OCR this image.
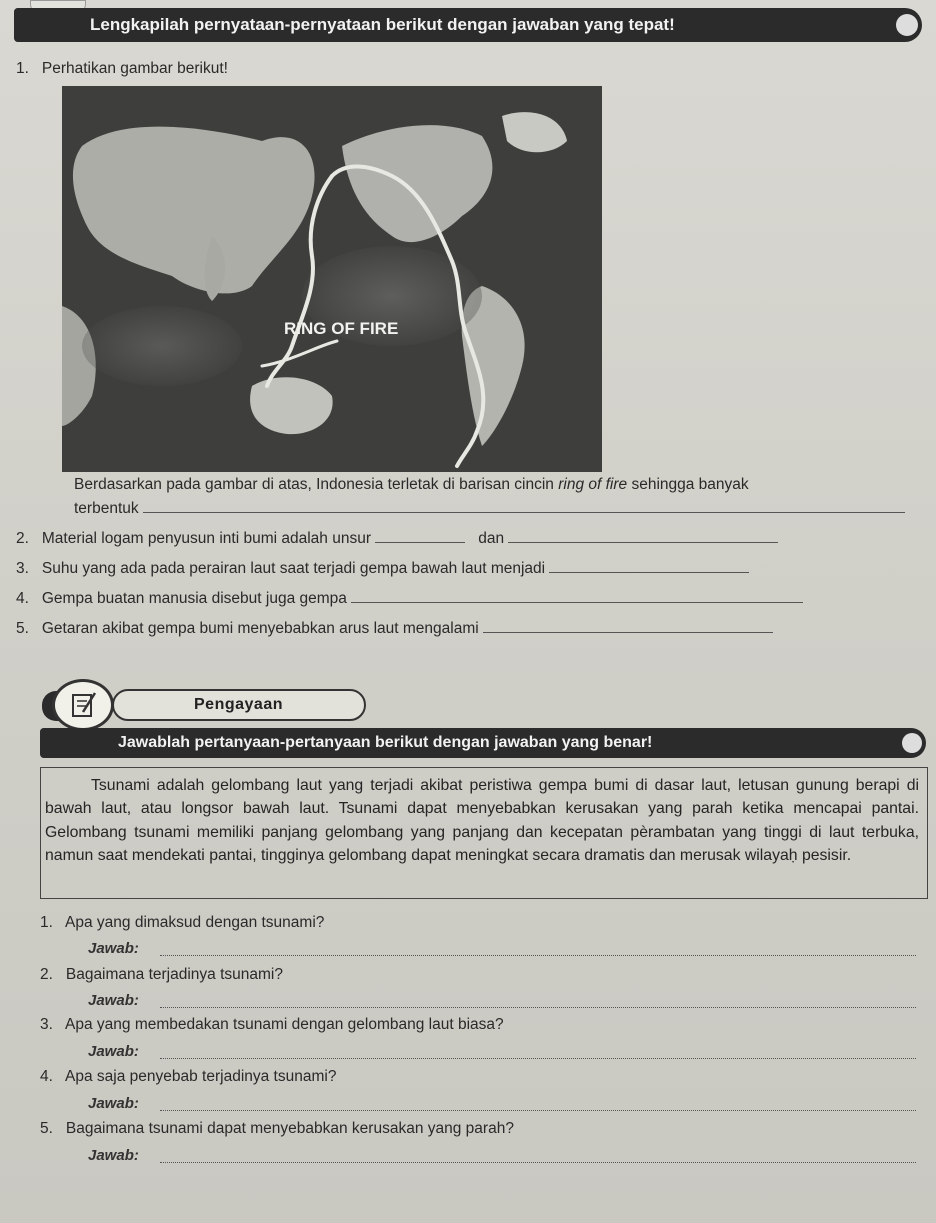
Lengkapilah pernyataan-pernyataan berikut dengan jawaban yang tepat!
1. Perhatikan gambar berikut!
RING OF FIRE
Berdasarkan pada gambar di atas, Indonesia terletak di barisan cincin ring of fire sehingga banyak
terbentuk
2. Material logam penyusun inti bumi adalah unsur	dan
3. Suhu yang ada pada perairan laut saat terjadi gempa bawah laut menjadi
4. Gempa buatan manusia disebut juga gempa
5. Getaran akibat gempa bumi menyebabkan arus laut mengalami
Pengayaan
Jawablah pertanyaan-pertanyaan berikut dengan jawaban yang benar!

Tsunami adalah gelombang laut yang terjadi akibat peristiwa gempa bumi di dasar laut, letusan gunung berapi di bawah laut, atau longsor bawah laut. Tsunami dapat menyebabkan kerusakan yang parah ketika mencapai pantai. Gelombang tsunami memiliki panjang gelombang yang panjang dan kecepatan pèrambatan yang tinggi di laut terbuka, namun saat mendekati pantai, tingginya gelombang dapat meningkat secara dramatis dan merusak wilayaḥ pesisir.

1. Apa yang dimaksud dengan tsunami?
Jawab:
2. Bagaimana terjadinya tsunami?
Jawab:
3. Apa yang membedakan tsunami dengan gelombang laut biasa?
Jawab:
4. Apa saja penyebab terjadinya tsunami?
Jawab:
5. Bagaimana tsunami dapat menyebabkan kerusakan yang parah?
Jawab:
